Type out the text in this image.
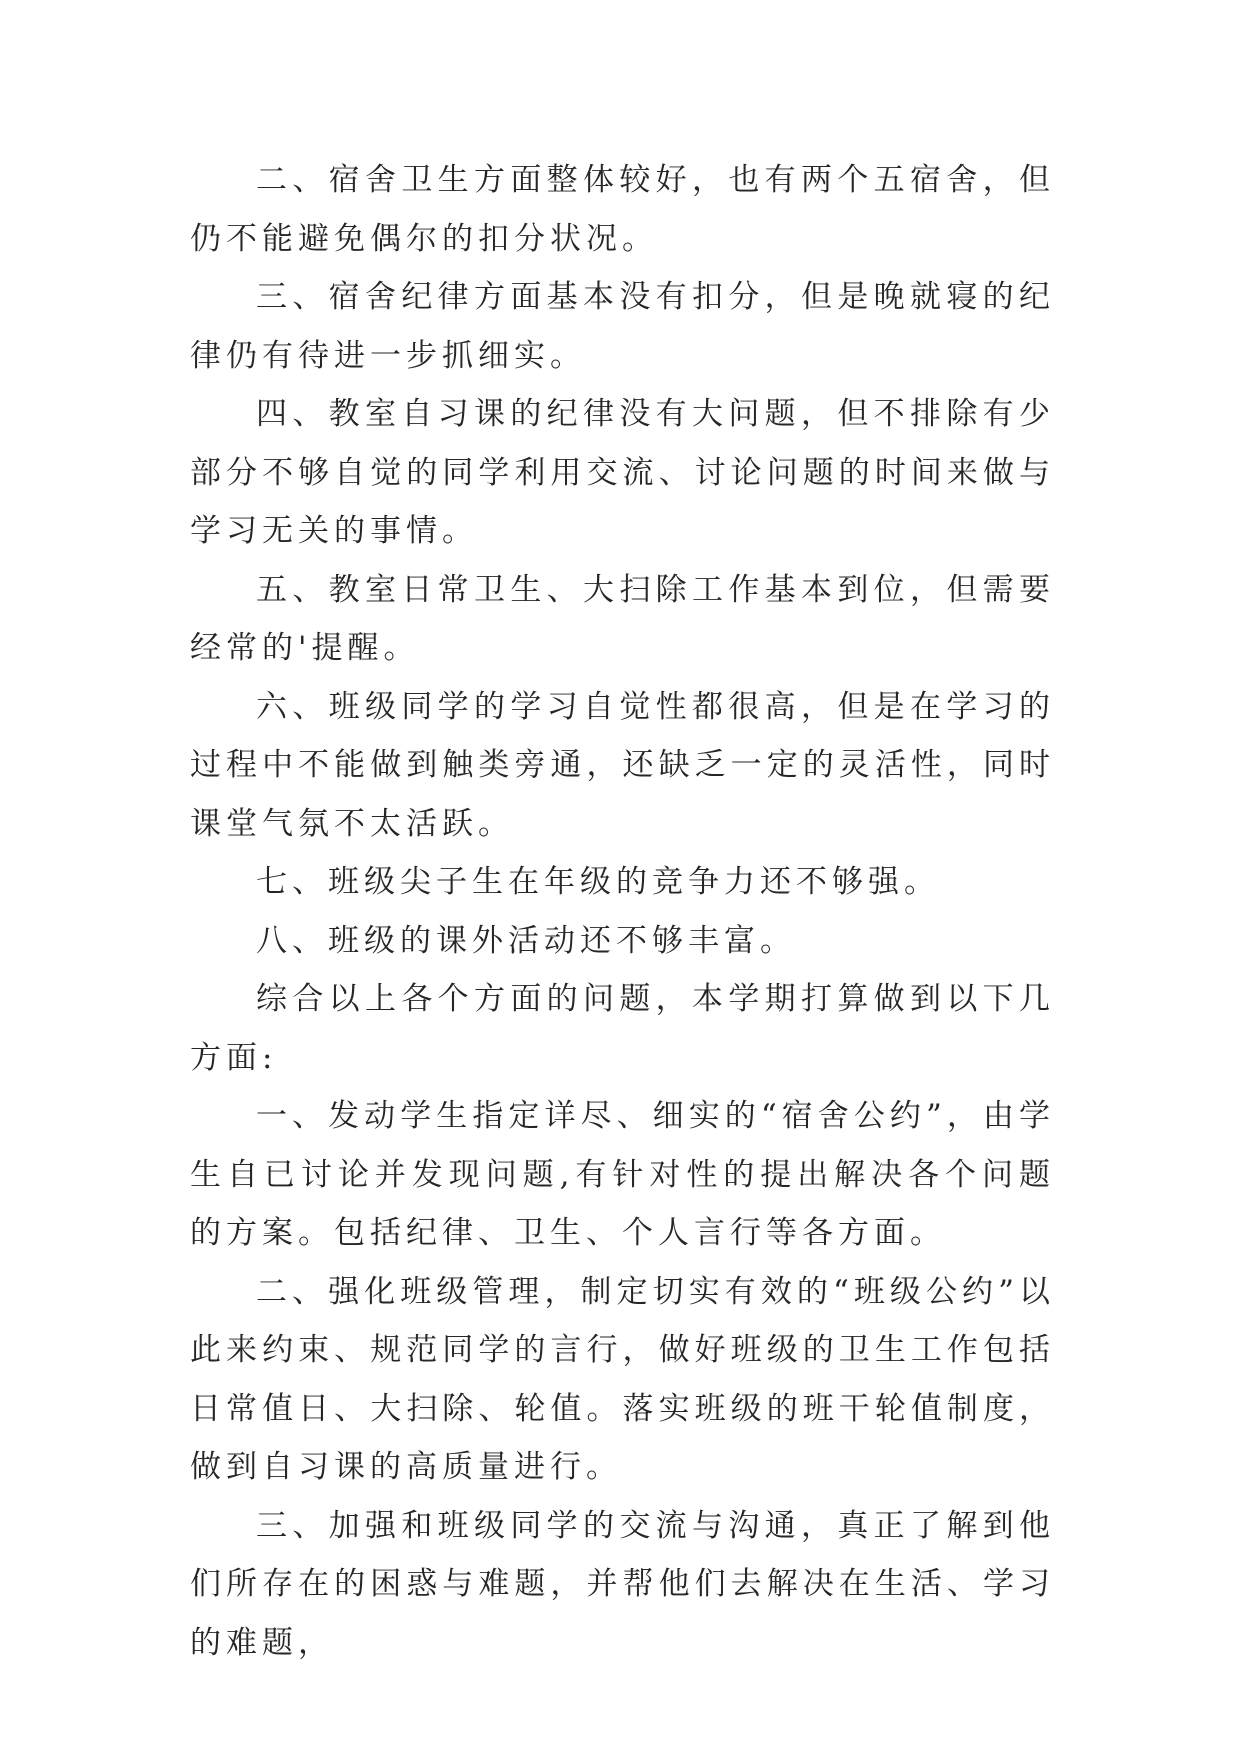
二、宿舍卫生方面整体较好，也有两个五宿舍，但仍不能避免偶尔的扣分状况。

三、宿舍纪律方面基本没有扣分，但是晚就寝的纪律仍有待进一步抓细实。

四、教室自习课的纪律没有大问题，但不排除有少部分不够自觉的同学利用交流、讨论问题的时间来做与学习无关的事情。

五、教室日常卫生、大扫除工作基本到位，但需要经常的'提醒。

六、班级同学的学习自觉性都很高，但是在学习的过程中不能做到触类旁通，还缺乏一定的灵活性，同时课堂气氛不太活跃。

七、班级尖子生在年级的竞争力还不够强。

八、班级的课外活动还不够丰富。

综合以上各个方面的问题，本学期打算做到以下几方面:

一、发动学生指定详尽、细实的“宿舍公约”，由学生自已讨论并发现问题,有针对性的提出解决各个问题的方案。包括纪律、卫生、个人言行等各方面。

二、强化班级管理，制定切实有效的“班级公约”以此来约束、规范同学的言行，做好班级的卫生工作包括日常值日、大扫除、轮值。落实班级的班干轮值制度，做到自习课的高质量进行。

三、加强和班级同学的交流与沟通，真正了解到他们所存在的困惑与难题，并帮他们去解决在生活、学习的难题，
